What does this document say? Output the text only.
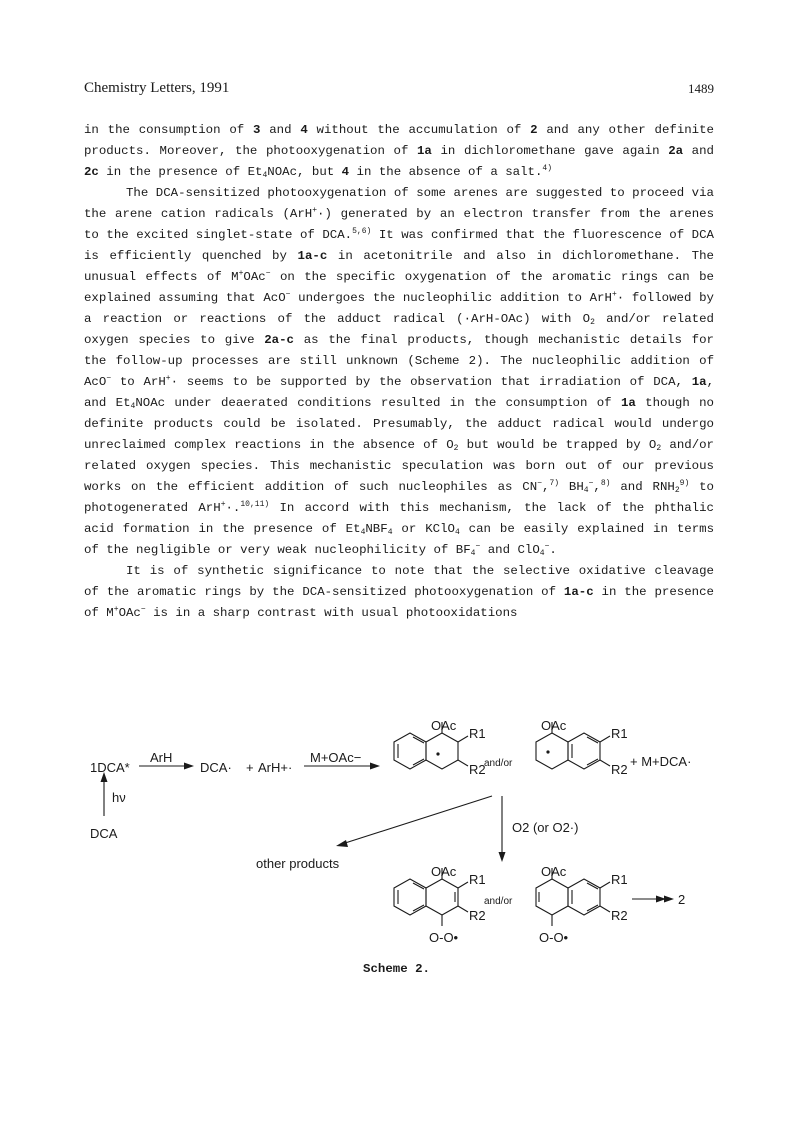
Chemistry Letters, 1991	1489

in the consumption of 3 and 4 without the accumulation of 2 and any other definite products. Moreover, the photooxygenation of 1a in dichloromethane gave again 2a and 2c in the presence of $Et_4NOAc$, but 4 in the absence of a salt.$^{4)}$

The DCA-sensitized photooxygenation of some arenes are suggested to proceed via the arene cation radicals (ArH+·) generated by an electron transfer from the arenes to the excited singlet-state of DCA.$^{5,6)}$ It was confirmed that the fluorescence of DCA is efficiently quenched by 1a-c in acetonitrile and also in dichloromethane. The unusual effects of M+OAc− on the specific oxygenation of the aromatic rings can be explained assuming that AcO− undergoes the nucleophilic addition to ArH+· followed by a reaction or reactions of the adduct radical (·ArH-OAc) with $O_2$ and/or related oxygen species to give 2a-c as the final products, though mechanistic details for the follow-up processes are still unknown (Scheme 2). The nucleophilic addition of AcO− to ArH+· seems to be supported by the observation that irradiation of DCA, 1a, and $Et_4NOAc$ under deaerated conditions resulted in the consumption of 1a though no definite products could be isolated. Presumably, the adduct radical would undergo unreclaimed complex reactions in the absence of $O_2$ but would be trapped by $O_2$ and/or related oxygen species. This mechanistic speculation was born out of our previous works on the efficient addition of such nucleophiles as CN−,$^{7)}$ $BH_4^-,^{8)}$ and $RNH_2^{9)}$ to photogenerated ArH+·.$^{10,11)}$ In accord with this mechanism, the lack of the phthalic acid formation in the presence of $Et_4NBF_4$ or KClO$_4$ can be easily explained in terms of the negligible or very weak nucleophilicity of $BF_4^-$ and ClO$_4$−.

It is of synthetic significance to note that the selective oxidative cleavage of the aromatic rings by the DCA-sensitized photooxygenation of 1a-c in the presence of M+OAc− is in a sharp contrast with usual photooxidations

1DCA*
ArH
DCA· + ArH+·
M+OAc−
OAc
R1
R2
and/or
OAc
R1
R2
+ M+DCA·
hν
DCA	O2 (or O2·)
other products
OAc
R1
R2
O-O•
and/or
OAc
R1
R2
O-O•
2
Scheme 2.
